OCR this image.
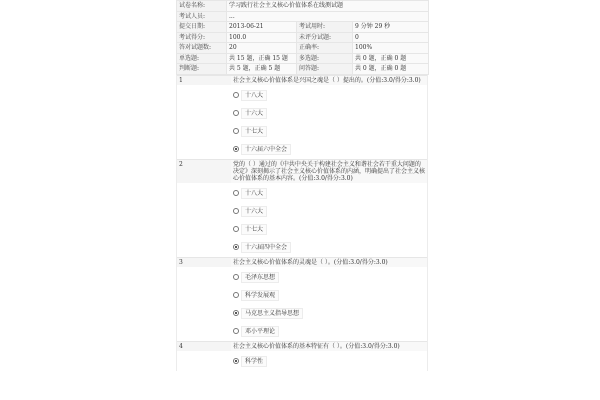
试卷名称:	学习践行社会主义核心价值体系在线测试题		
考试人员:	...		
提交日期:	2013-06-21	考试用时:	9 分钟 29 秒
考试得分:	100.0	未评分试题:	0
答对试题数:	20	正确率:	100%
单选题:	共 15 题，正确 15 题	多选题:	共 0 题，正确 0 题
判断题:	共 5 题，正确 5 题	问答题:	共 0 题，正确 0 题
1	社会主义核心价值体系是兴国之魂是（ ）提出的。(分值:3.0/得分:3.0)
十八大
十六大
十七大
十六届六中全会
2	党的（ ）通过的《中共中央关于构建社会主义和谐社会若干重大问题的决定》深刻揭示了社会主义核心价值体系的内涵，明确提出了社会主义核心价值体系的基本内容。(分值:3.0/得分:3.0)
十八大
十六大
十七大
十六届四中全会
3	社会主义核心价值体系的灵魂是（ ）。(分值:3.0/得分:3.0)
毛泽东思想
科学发展观
马克思主义指导思想
邓小平理论
4	社会主义核心价值体系的基本特征有（ ）。(分值:3.0/得分:3.0)
科学性
